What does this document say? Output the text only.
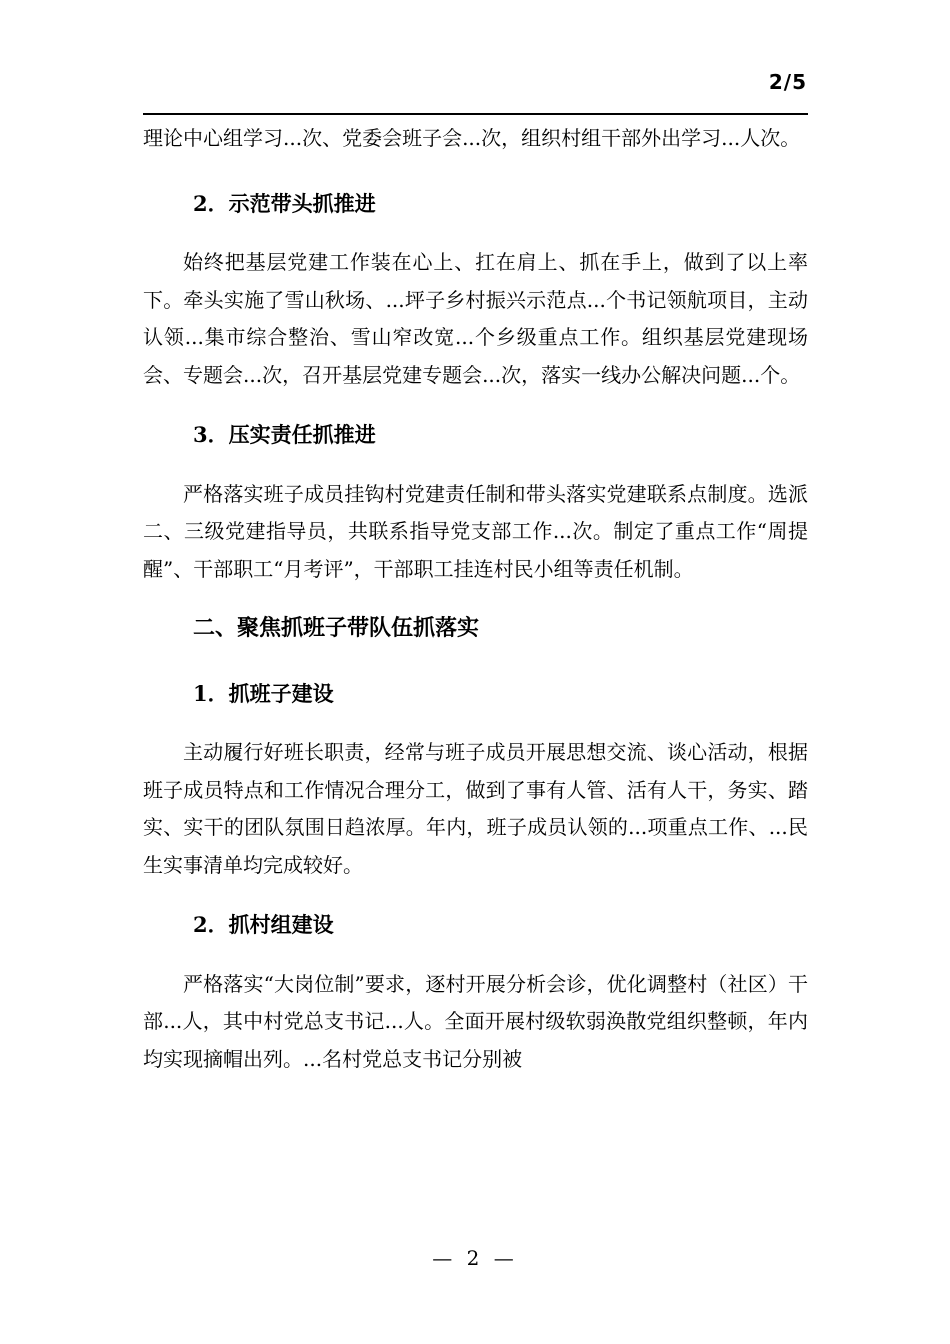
2/5

理论中心组学习...次、党委会班子会...次，组织村组干部外出学习...人次。

2．示范带头抓推进

始终把基层党建工作装在心上、扛在肩上、抓在手上，做到了以上率下。牵头实施了雪山秋场、...坪子乡村振兴示范点...个书记领航项目，主动认领...集市综合整治、雪山窄改宽...个乡级重点工作。组织基层党建现场会、专题会...次，召开基层党建专题会...次，落实一线办公解决问题...个。

3．压实责任抓推进

严格落实班子成员挂钩村党建责任制和带头落实党建联系点制度。选派二、三级党建指导员，共联系指导党支部工作...次。制定了重点工作“周提醒”、干部职工“月考评”，干部职工挂连村民小组等责任机制。

二、聚焦抓班子带队伍抓落实

1．抓班子建设

主动履行好班长职责，经常与班子成员开展思想交流、谈心活动，根据班子成员特点和工作情况合理分工，做到了事有人管、活有人干，务实、踏实、实干的团队氛围日趋浓厚。年内，班子成员认领的...项重点工作、...民生实事清单均完成较好。

2．抓村组建设

严格落实“大岗位制”要求，逐村开展分析会诊，优化调整村（社区）干部...人，其中村党总支书记...人。全面开展村级软弱涣散党组织整顿，年内均实现摘帽出列。...名村党总支书记分别被

— 2 —
